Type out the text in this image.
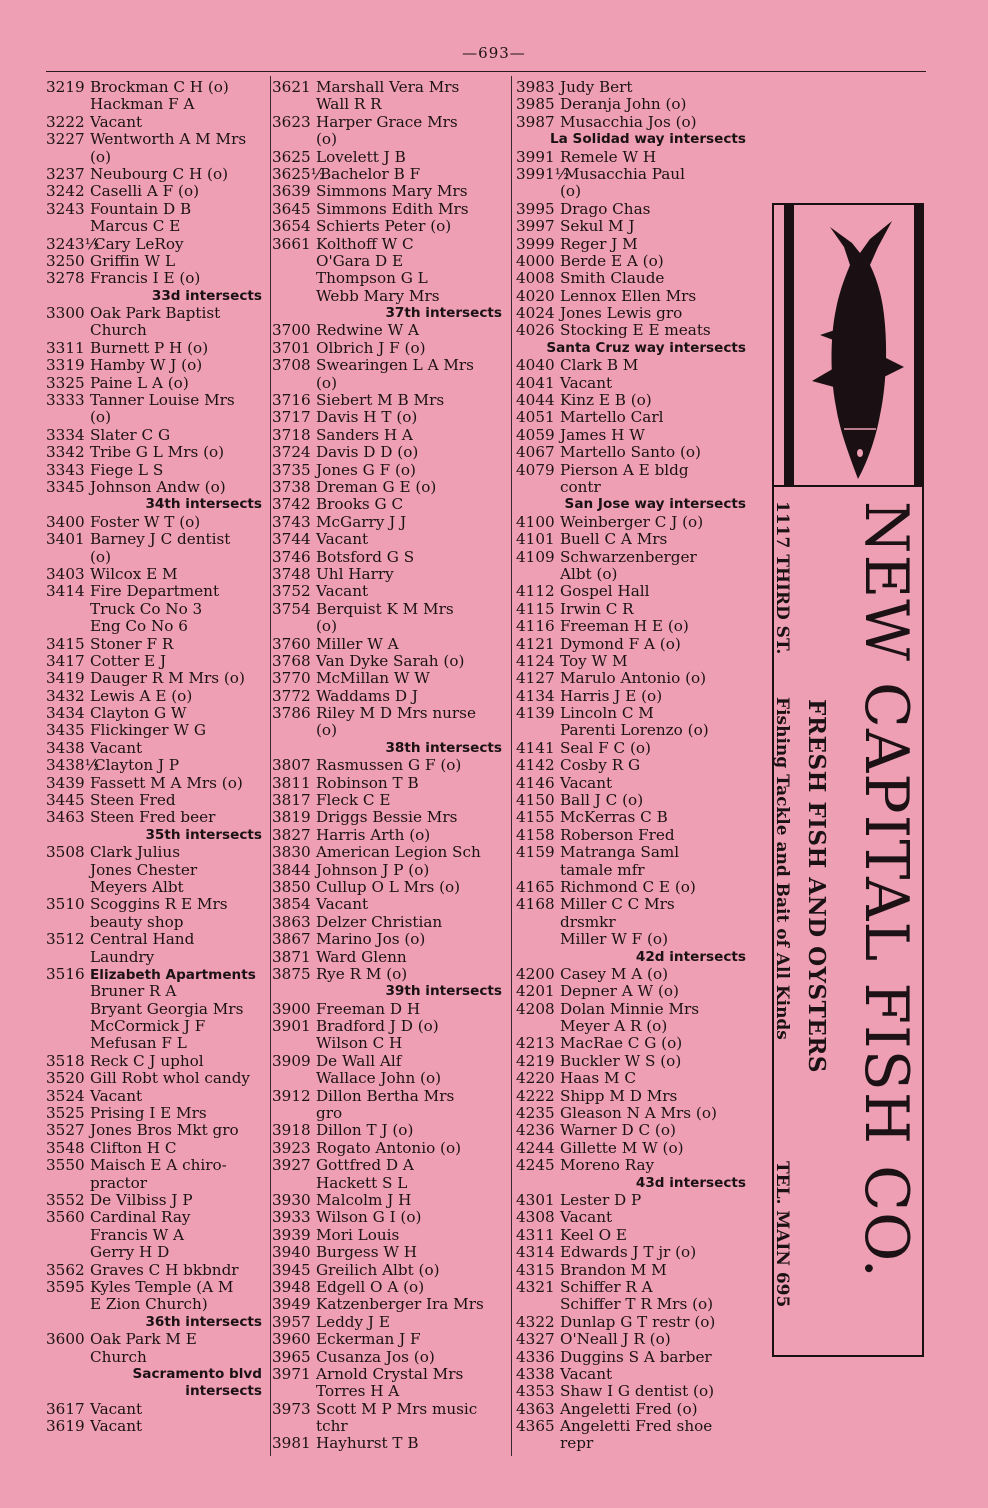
—693—
3219 Brockman C H (o)
Hackman F A
3222 Vacant
3227 Wentworth A M Mrs
(o)
3237 Neubourg C H (o)
3242 Caselli A F (o)
3243 Fountain D B
Marcus C E
3243½Cary LeRoy
3250 Griffin W L
3278 Francis I E (o)
33d intersects
3300 Oak Park Baptist
Church
3311 Burnett P H (o)
3319 Hamby W J (o)
3325 Paine L A (o)
3333 Tanner Louise Mrs
(o)
3334 Slater C G
3342 Tribe G L Mrs (o)
3343 Fiege L S
3345 Johnson Andw (o)
34th intersects
3400 Foster W T (o)
3401 Barney J C dentist
(o)
3403 Wilcox E M
3414 Fire Department
Truck Co No 3
Eng Co No 6
3415 Stoner F R
3417 Cotter E J
3419 Dauger R M Mrs (o)
3432 Lewis A E (o)
3434 Clayton G W
3435 Flickinger W G
3438 Vacant
3438½Clayton J P
3439 Fassett M A Mrs (o)
3445 Steen Fred
3463 Steen Fred beer
35th intersects
3508 Clark Julius
Jones Chester
Meyers Albt
3510 Scoggins R E Mrs
beauty shop
3512 Central Hand
Laundry
3516 Elizabeth Apartments
Bruner R A
Bryant Georgia Mrs
McCormick J F
Mefusan F L
3518 Reck C J uphol
3520 Gill Robt whol candy
3524 Vacant
3525 Prising I E Mrs
3527 Jones Bros Mkt gro
3548 Clifton H C
3550 Maisch E A chiro-
practor
3552 De Vilbiss J P
3560 Cardinal Ray
Francis W A
Gerry H D
3562 Graves C H bkbndr
3595 Kyles Temple (A M
E Zion Church)
36th intersects
3600 Oak Park M E
Church
Sacramento blvd
intersects
3617 Vacant
3619 Vacant
3621 Marshall Vera Mrs
Wall R R
3623 Harper Grace Mrs
(o)
3625 Lovelett J B
3625½Bachelor B F
3639 Simmons Mary Mrs
3645 Simmons Edith Mrs
3654 Schierts Peter (o)
3661 Kolthoff W C
O'Gara D E
Thompson G L
Webb Mary Mrs
37th intersects
3700 Redwine W A
3701 Olbrich J F (o)
3708 Swearingen L A Mrs
(o)
3716 Siebert M B Mrs
3717 Davis H T (o)
3718 Sanders H A
3724 Davis D D (o)
3735 Jones G F (o)
3738 Dreman G E (o)
3742 Brooks G C
3743 McGarry J J
3744 Vacant
3746 Botsford G S
3748 Uhl Harry
3752 Vacant
3754 Berquist K M Mrs
(o)
3760 Miller W A
3768 Van Dyke Sarah (o)
3770 McMillan W W
3772 Waddams D J
3786 Riley M D Mrs nurse
(o)
38th intersects
3807 Rasmussen G F (o)
3811 Robinson T B
3817 Fleck C E
3819 Driggs Bessie Mrs
3827 Harris Arth (o)
3830 American Legion Sch
3844 Johnson J P (o)
3850 Cullup O L Mrs (o)
3854 Vacant
3863 Delzer Christian
3867 Marino Jos (o)
3871 Ward Glenn
3875 Rye R M (o)
39th intersects
3900 Freeman D H
3901 Bradford J D (o)
Wilson C H
3909 De Wall Alf
Wallace John (o)
3912 Dillon Bertha Mrs
gro
3918 Dillon T J (o)
3923 Rogato Antonio (o)
3927 Gottfred D A
Hackett S L
3930 Malcolm J H
3933 Wilson G I (o)
3939 Mori Louis
3940 Burgess W H
3945 Greilich Albt (o)
3948 Edgell O A (o)
3949 Katzenberger Ira Mrs
3957 Leddy J E
3960 Eckerman J F
3965 Cusanza Jos (o)
3971 Arnold Crystal Mrs
Torres H A
3973 Scott M P Mrs music
tchr
3981 Hayhurst T B
3983 Judy Bert
3985 Deranja John (o)
3987 Musacchia Jos (o)
La Solidad way intersects
3991 Remele W H
3991½Musacchia Paul
(o)
3995 Drago Chas
3997 Sekul M J
3999 Reger J M
4000 Berde E A (o)
4008 Smith Claude
4020 Lennox Ellen Mrs
4024 Jones Lewis gro
4026 Stocking E E meats
Santa Cruz way intersects
4040 Clark B M
4041 Vacant
4044 Kinz E B (o)
4051 Martello Carl
4059 James H W
4067 Martello Santo (o)
4079 Pierson A E bldg
contr
San Jose way intersects
4100 Weinberger C J (o)
4101 Buell C A Mrs
4109 Schwarzenberger
Albt (o)
4112 Gospel Hall
4115 Irwin C R
4116 Freeman H E (o)
4121 Dymond F A (o)
4124 Toy W M
4127 Marulo Antonio (o)
4134 Harris J E (o)
4139 Lincoln C M
Parenti Lorenzo (o)
4141 Seal F C (o)
4142 Cosby R G
4146 Vacant
4150 Ball J C (o)
4155 McKerras C B
4158 Roberson Fred
4159 Matranga Saml
tamale mfr
4165 Richmond C E (o)
4168 Miller C C Mrs
drsmkr
Miller W F (o)
42d intersects
4200 Casey M A (o)
4201 Depner A W (o)
4208 Dolan Minnie Mrs
Meyer A R (o)
4213 MacRae C G (o)
4219 Buckler W S (o)
4220 Haas M C
4222 Shipp M D Mrs
4235 Gleason N A Mrs (o)
4236 Warner D C (o)
4244 Gillette M W (o)
4245 Moreno Ray
43d intersects
4301 Lester D P
4308 Vacant
4311 Keel O E
4314 Edwards J T jr (o)
4315 Brandon M M
4321 Schiffer R A
Schiffer T R Mrs (o)
4322 Dunlap G T restr (o)
4327 O'Neall J R (o)
4336 Duggins S A barber
4338 Vacant
4353 Shaw I G dentist (o)
4363 Angeletti Fred (o)
4365 Angeletti Fred shoe
repr
NEW CAPITAL FISH CO.
FRESH FISH AND OYSTERS
1117 THIRD ST.
Fishing Tackle and Bait of All Kinds
TEL. MAIN 695
